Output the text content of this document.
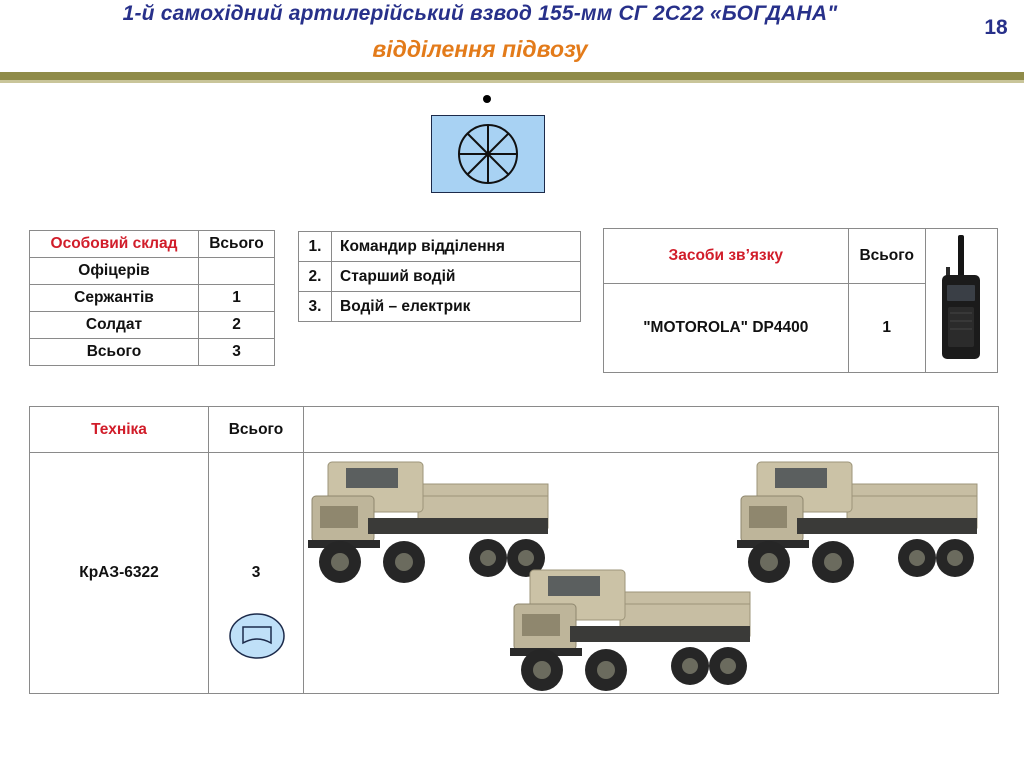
1-й самохідний артилерійський взвод 155-мм СГ 2С22 «БОГДАНА"
відділення підвозу
18
Особовий склад	Всього
Офіцерів	
Сержантів	1
Солдат	2
Всього	3
1.	Командир відділення
2.	Старший водій
3.	Водій – електрик
Засоби зв’язку	Всього	
"MOTOROLA" DP4400	1	
Техніка	Всього	
КрАЗ-6322	3	
